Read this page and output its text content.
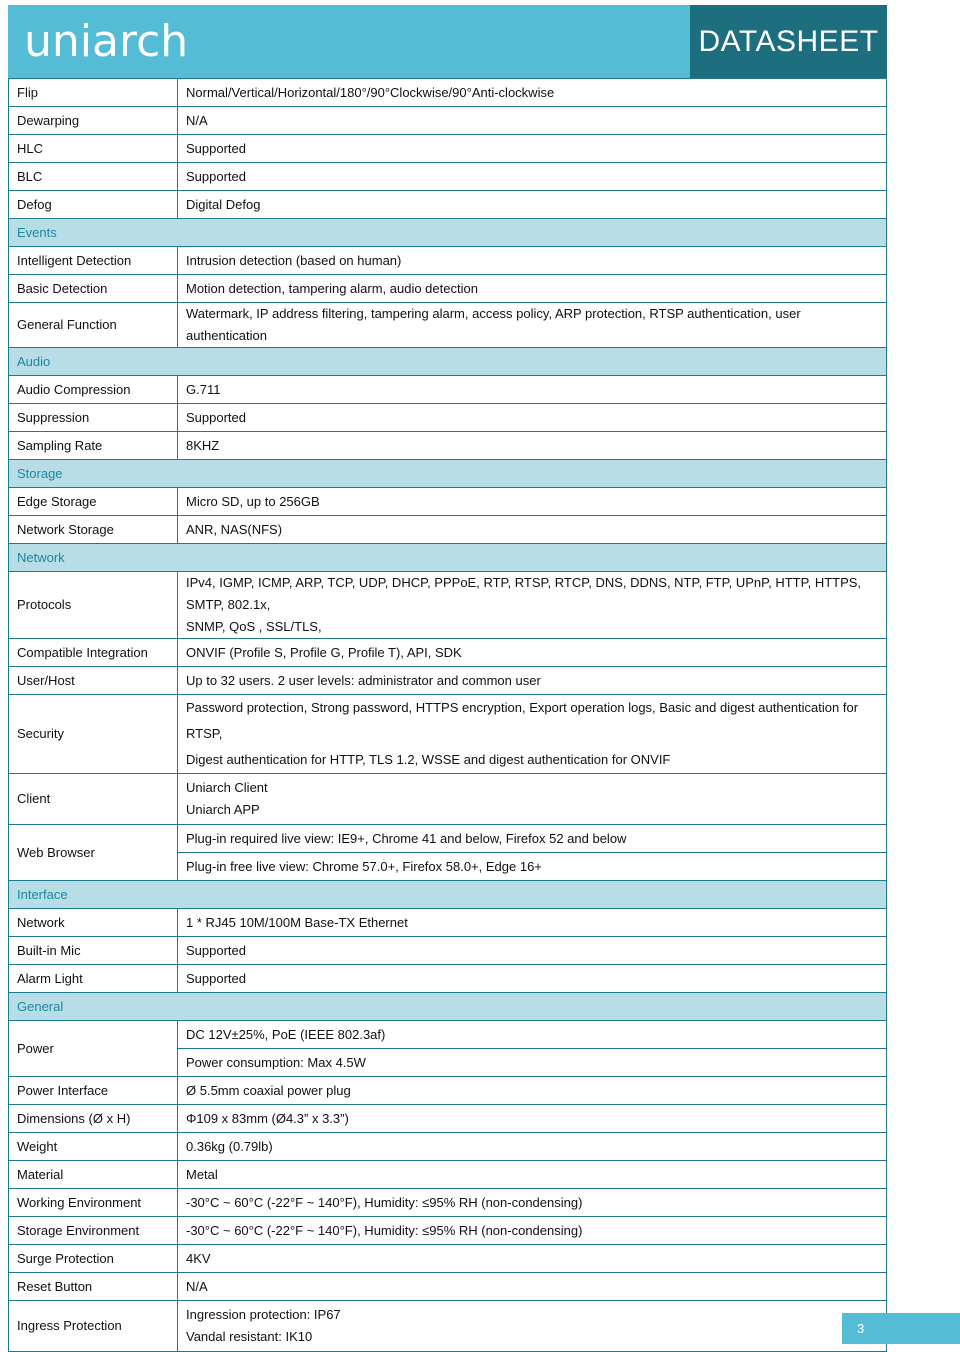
uniarch	DATASHEET
Flip	Normal/Vertical/Horizontal/180°/90°Clockwise/90°Anti-clockwise

Dewarping	N/A

HLC	Supported

BLC	Supported

Defog	Digital Defog

Events	
Intelligent Detection	Intrusion detection (based on human)

Basic Detection	Motion detection, tampering alarm, audio detection

General Function	Watermark, IP address filtering, tampering alarm, access policy, ARP protection, RTSP authentication, user authentication

Audio	
Audio Compression	G.711

Suppression	Supported

Sampling Rate	8KHZ

Storage	
Edge Storage	Micro SD, up to 256GB

Network Storage	ANR, NAS(NFS)

Network	
Protocols	IPv4, IGMP, ICMP, ARP, TCP, UDP, DHCP, PPPoE, RTP, RTSP, RTCP, DNS, DDNS, NTP, FTP, UPnP, HTTP, HTTPS, SMTP, 802.1x,
SNMP, QoS , SSL/TLS,

Compatible Integration	ONVIF (Profile S, Profile G, Profile T), API, SDK

User/Host	Up to 32 users. 2 user levels: administrator and common user

Security	Password protection, Strong password, HTTPS encryption, Export operation logs, Basic and digest authentication for RTSP,
Digest authentication for HTTP, TLS 1.2, WSSE and digest authentication for ONVIF

Client	Uniarch Client
Uniarch APP

Web Browser	Plug-in required live view: IE9+, Chrome 41 and below, Firefox 52 and below
	Plug-in free live view: Chrome 57.0+, Firefox 58.0+, Edge 16+
Interface	
Network	1 * RJ45 10M/100M Base-TX Ethernet

Built-in Mic	Supported

Alarm Light	Supported

General	
Power	DC 12V±25%, PoE (IEEE 802.3af)
	Power consumption: Max 4.5W
Power Interface	Ø 5.5mm coaxial power plug

Dimensions (Ø x H)	Φ109 x 83mm (Ø4.3” x 3.3”)

Weight	0.36kg (0.79lb)

Material	Metal

Working Environment	-30°C ~ 60°C (-22°F ~ 140°F), Humidity: ≤95% RH (non-condensing)

Storage Environment	-30°C ~ 60°C (-22°F ~ 140°F), Humidity: ≤95% RH (non-condensing)

Surge Protection	4KV

Reset Button	N/A

Ingress Protection	Ingression protection: IP67
Vandal resistant: IK10
3
